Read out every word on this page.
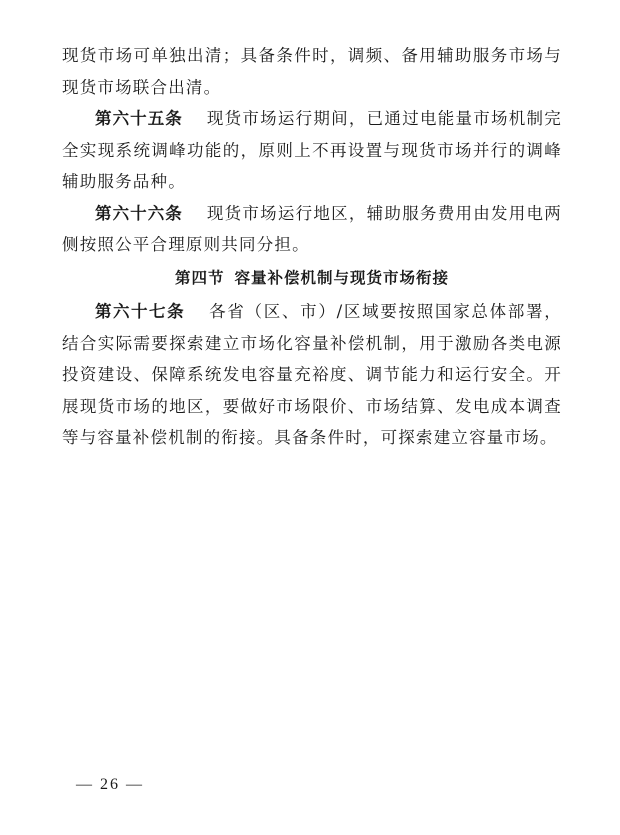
现货市场可单独出清；具备条件时，调频、备用辅助服务市场与现货市场联合出清。

第六十五条 现货市场运行期间，已通过电能量市场机制完全实现系统调峰功能的，原则上不再设置与现货市场并行的调峰辅助服务品种。

第六十六条 现货市场运行地区，辅助服务费用由发用电两侧按照公平合理原则共同分担。

第四节 容量补偿机制与现货市场衔接

第六十七条 各省（区、市）/区域要按照国家总体部署，结合实际需要探索建立市场化容量补偿机制，用于激励各类电源投资建设、保障系统发电容量充裕度、调节能力和运行安全。开展现货市场的地区，要做好市场限价、市场结算、发电成本调查等与容量补偿机制的衔接。具备条件时，可探索建立容量市场。

— 26 —
